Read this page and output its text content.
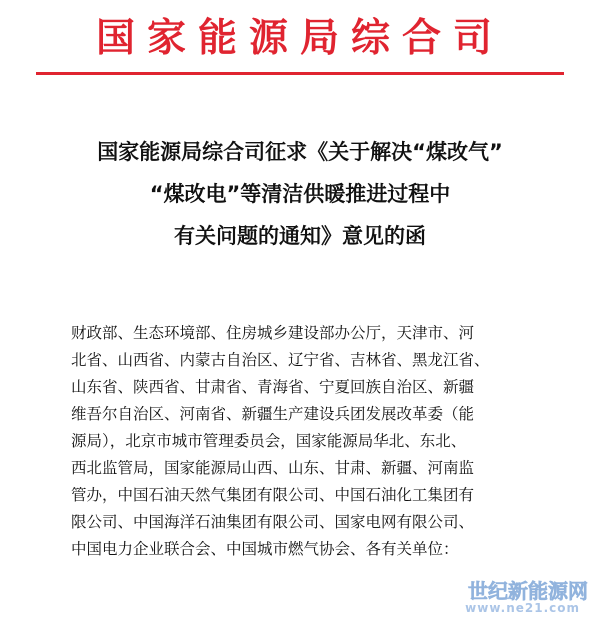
国家能源局综合司
国家能源局综合司征求《关于解决“煤改气”
“煤改电”等清洁供暖推进过程中
有关问题的通知》意见的函
财政部、生态环境部、住房城乡建设部办公厅，天津市、河
北省、山西省、内蒙古自治区、辽宁省、吉林省、黑龙江省、
山东省、陕西省、甘肃省、青海省、宁夏回族自治区、新疆
维吾尔自治区、河南省、新疆生产建设兵团发展改革委（能
源局），北京市城市管理委员会，国家能源局华北、东北、
西北监管局，国家能源局山西、山东、甘肃、新疆、河南监
管办，中国石油天然气集团有限公司、中国石油化工集团有
限公司、中国海洋石油集团有限公司、国家电网有限公司、
中国电力企业联合会、中国城市燃气协会、各有关单位：
世纪新能源网
www.ne21.com
